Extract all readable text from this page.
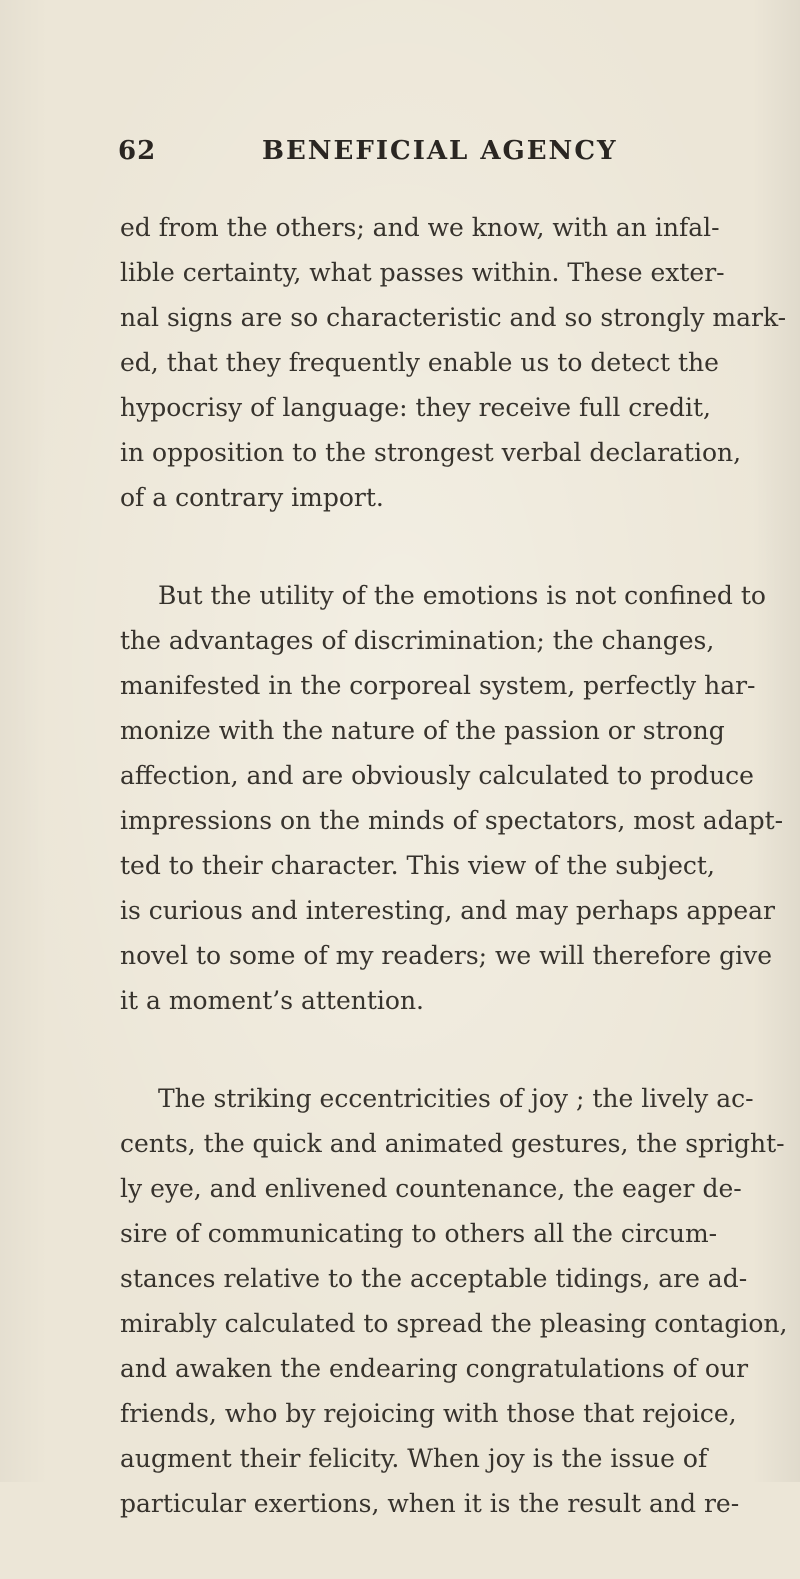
62	BENEFICIAL AGENCY
ed from the others; and we know, with an infal-
lible certainty, what passes within. These exter-
nal signs are so characteristic and so strongly mark-
ed, that they frequently enable us to detect the
hypocrisy of language: they receive full credit,
in opposition to the strongest verbal declaration,
of a contrary import.
But the utility of the emotions is not confined to
the advantages of discrimination; the changes,
manifested in the corporeal system, perfectly har-
monize with the nature of the passion or strong
affection, and are obviously calculated to produce
impressions on the minds of spectators, most adapt-
ted to their character. This view of the subject,
is curious and interesting, and may perhaps appear
novel to some of my readers; we will therefore give
it a moment’s attention.
The striking eccentricities of joy ; the lively ac-
cents, the quick and animated gestures, the spright-
ly eye, and enlivened countenance, the eager de-
sire of communicating to others all the circum-
stances relative to the acceptable tidings, are ad-
mirably calculated to spread the pleasing contagion,
and awaken the endearing congratulations of our
friends, who by rejoicing with those that rejoice,
augment their felicity. When joy is the issue of
particular exertions, when it is the result and re-
